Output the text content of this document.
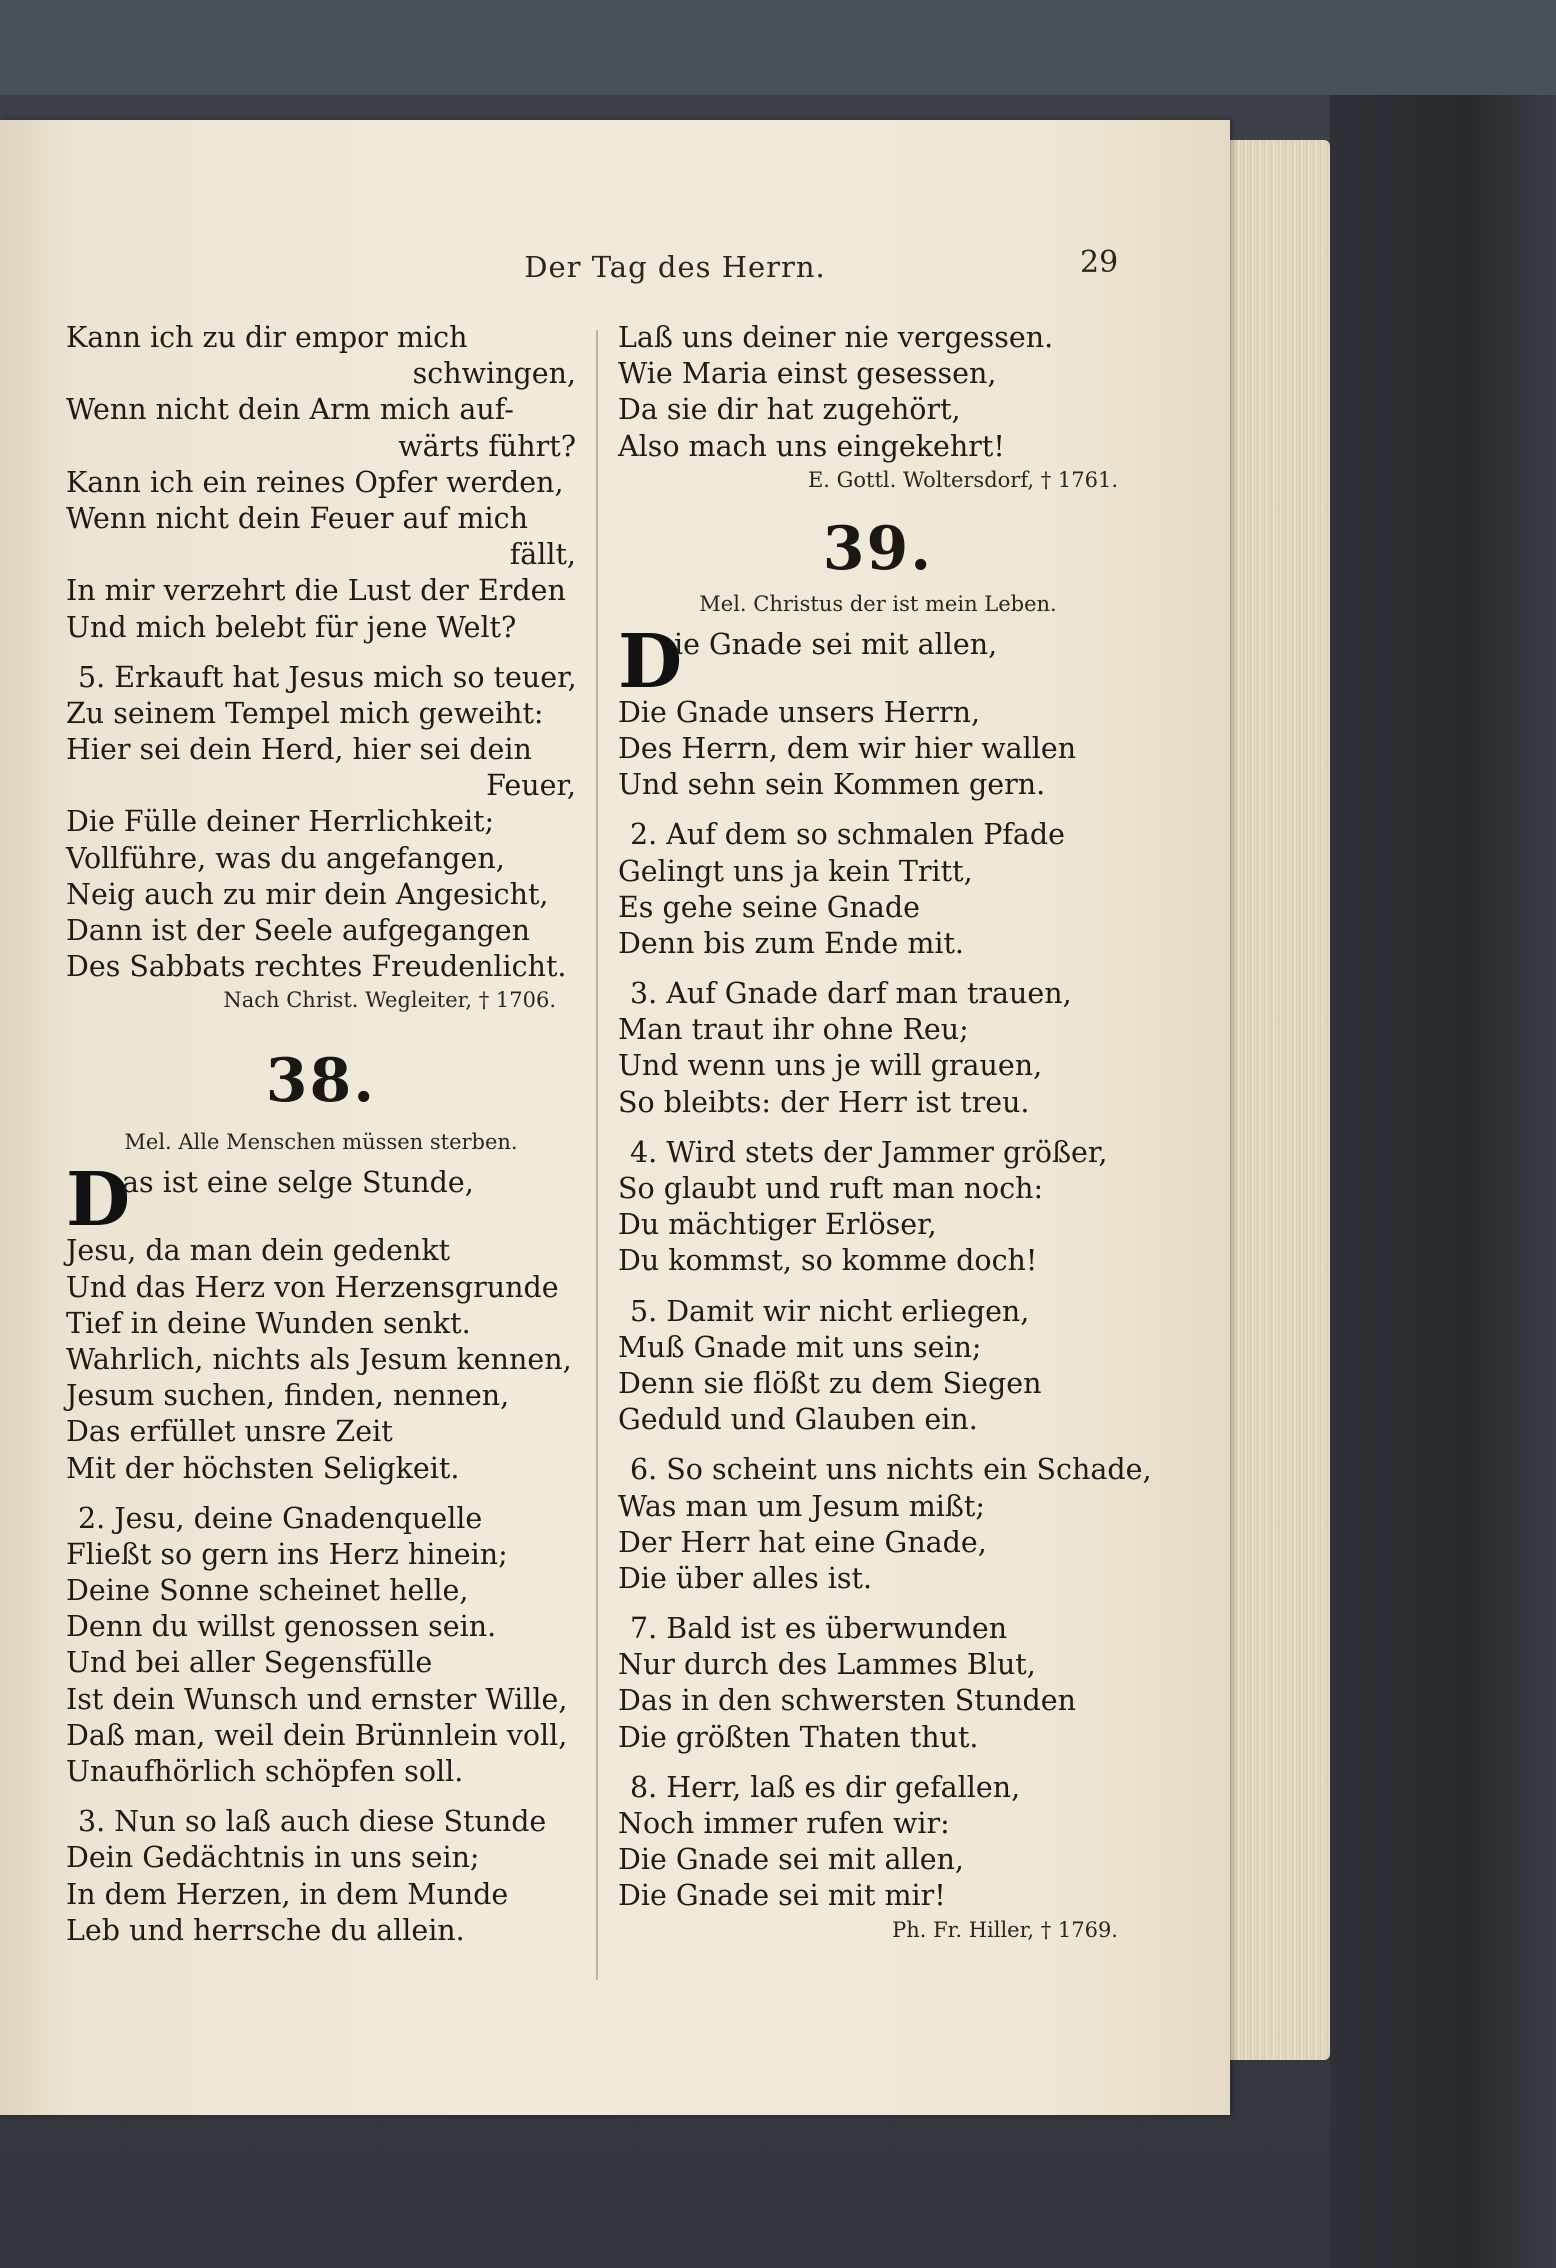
Der Tag des Herrn.	29
Kann ich zu dir empor mich
schwingen,
Wenn nicht dein Arm mich auf-
wärts führt?
Kann ich ein reines Opfer werden,
Wenn nicht dein Feuer auf mich
fällt,
In mir verzehrt die Lust der Erden
Und mich belebt für jene Welt?
5. Erkauft hat Jesus mich so teuer,
Zu seinem Tempel mich geweiht:
Hier sei dein Herd, hier sei dein
Feuer,
Die Fülle deiner Herrlichkeit;
Vollführe, was du angefangen,
Neig auch zu mir dein Angesicht,
Dann ist der Seele aufgegangen
Des Sabbats rechtes Freudenlicht.
Nach Christ. Wegleiter, † 1706.
38.
Mel. Alle Menschen müssen sterben.
D
as ist eine selge Stunde,
Jesu, da man dein gedenkt
Und das Herz von Herzensgrunde
Tief in deine Wunden senkt.
Wahrlich, nichts als Jesum kennen,
Jesum suchen, finden, nennen,
Das erfüllet unsre Zeit
Mit der höchsten Seligkeit.
2. Jesu, deine Gnadenquelle
Fließt so gern ins Herz hinein;
Deine Sonne scheinet helle,
Denn du willst genossen sein.
Und bei aller Segensfülle
Ist dein Wunsch und ernster Wille,
Daß man, weil dein Brünnlein voll,
Unaufhörlich schöpfen soll.
3. Nun so laß auch diese Stunde
Dein Gedächtnis in uns sein;
In dem Herzen, in dem Munde
Leb und herrsche du allein.
Laß uns deiner nie vergessen.
Wie Maria einst gesessen,
Da sie dir hat zugehört,
Also mach uns eingekehrt!
E. Gottl. Woltersdorf, † 1761.
39.
Mel. Christus der ist mein Leben.
D
ie Gnade sei mit allen,
Die Gnade unsers Herrn,
Des Herrn, dem wir hier wallen
Und sehn sein Kommen gern.
2. Auf dem so schmalen Pfade
Gelingt uns ja kein Tritt,
Es gehe seine Gnade
Denn bis zum Ende mit.
3. Auf Gnade darf man trauen,
Man traut ihr ohne Reu;
Und wenn uns je will grauen,
So bleibts: der Herr ist treu.
4. Wird stets der Jammer größer,
So glaubt und ruft man noch:
Du mächtiger Erlöser,
Du kommst, so komme doch!
5. Damit wir nicht erliegen,
Muß Gnade mit uns sein;
Denn sie flößt zu dem Siegen
Geduld und Glauben ein.
6. So scheint uns nichts ein Schade,
Was man um Jesum mißt;
Der Herr hat eine Gnade,
Die über alles ist.
7. Bald ist es überwunden
Nur durch des Lammes Blut,
Das in den schwersten Stunden
Die größten Thaten thut.
8. Herr, laß es dir gefallen,
Noch immer rufen wir:
Die Gnade sei mit allen,
Die Gnade sei mit mir!
Ph. Fr. Hiller, † 1769.
